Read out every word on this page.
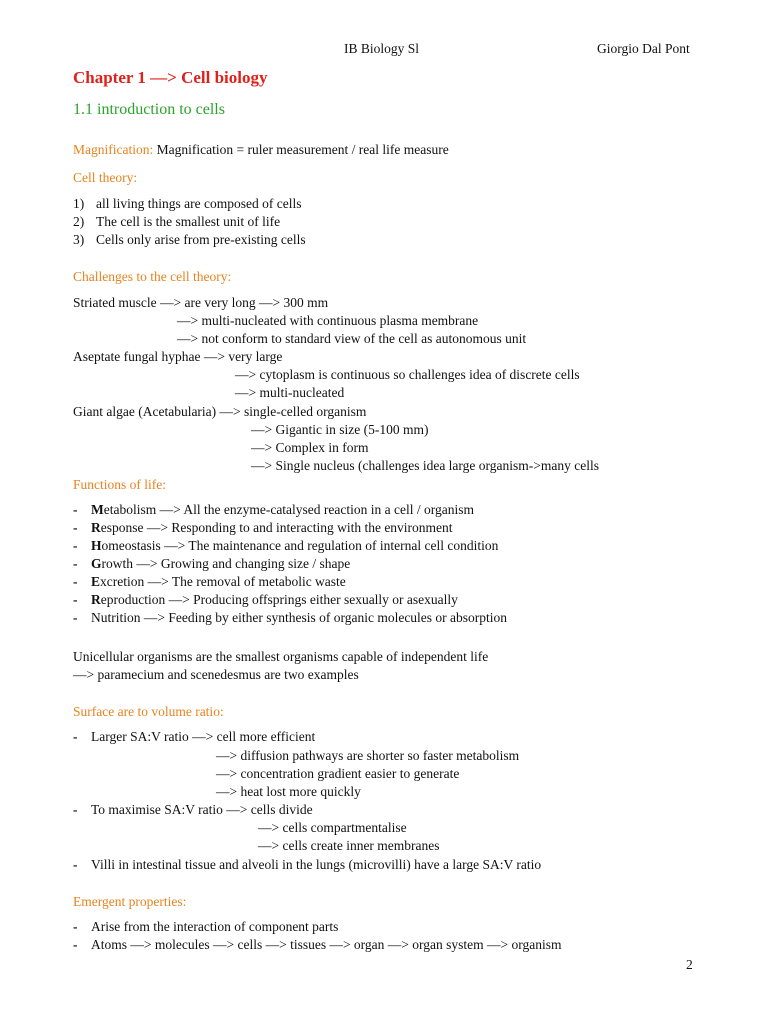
IB Biology Sl	Giorgio Dal Pont
Chapter 1 —> Cell biology
1.1 introduction to cells
Magnification: Magnification = ruler measurement / real life measure
Cell theory:
1) all living things are composed of cells
2) The cell is the smallest unit of life
3) Cells only arise from pre-existing cells
Challenges to the cell theory:
Striated muscle —> are very long —> 300 mm
—> multi-nucleated with continuous plasma membrane
—> not conform to standard view of the cell as autonomous unit
Aseptate fungal hyphae —> very large
—> cytoplasm is continuous so challenges idea of discrete cells
—> multi-nucleated
Giant algae (Acetabularia) —> single-celled organism
—> Gigantic in size (5-100 mm)
—> Complex in form
—> Single nucleus (challenges idea large organism->many cells
Functions of life:
- Metabolism —> All the enzyme-catalysed reaction in a cell / organism
- Response —> Responding to and interacting with the environment
- Homeostasis —> The maintenance and regulation of internal cell condition
- Growth —> Growing and changing size / shape
- Excretion —> The removal of metabolic waste
- Reproduction —> Producing offsprings either sexually or asexually
- Nutrition —> Feeding by either synthesis of organic molecules or absorption
Unicellular organisms are the smallest organisms capable of independent life
—> paramecium and scenedesmus are two examples
Surface are to volume ratio:
- Larger SA:V ratio —> cell more efficient
—> diffusion pathways are shorter so faster metabolism
—> concentration gradient easier to generate
—> heat lost more quickly
- To maximise SA:V ratio —> cells divide
—> cells compartmentalise
—> cells create inner membranes
- Villi in intestinal tissue and alveoli in the lungs (microvilli) have a large SA:V ratio
Emergent properties:
- Arise from the interaction of component parts
- Atoms —> molecules —> cells —> tissues —> organ —> organ system —> organism
2
